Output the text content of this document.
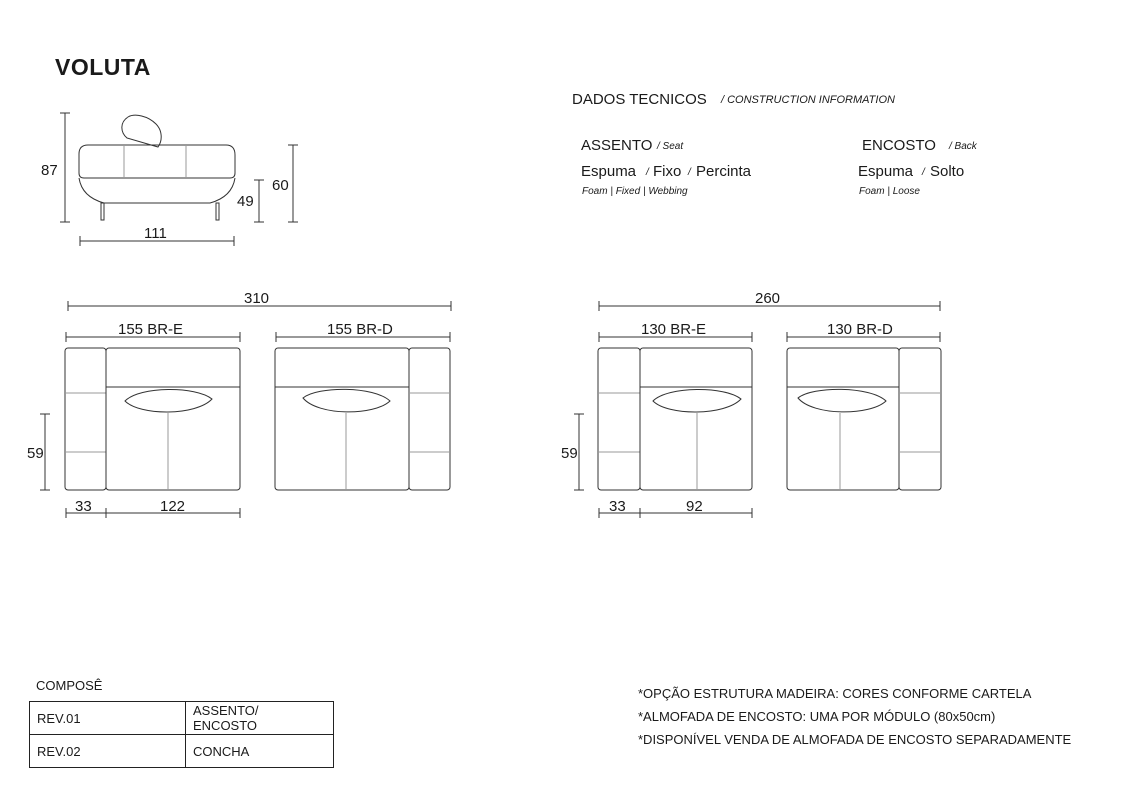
VOLUTA
DADOS TECNICOS / CONSTRUCTION INFORMATION
ASSENTO / Seat
Espuma / Fixo / Percinta
Foam | Fixed | Webbing
ENCOSTO / Back
Espuma / Solto
Foam | Loose
87
60
49
111
310
155 BR-E	155 BR-D
59
33	122
260
130 BR-E	130 BR-D
59
33	92
COMPOSÊ
REV.01	ASSENTO/ ENCOSTO
REV.02	CONCHA
*OPÇÃO ESTRUTURA MADEIRA: CORES CONFORME CARTELA
*ALMOFADA DE ENCOSTO: UMA POR MÓDULO (80x50cm)
*DISPONÍVEL VENDA DE ALMOFADA DE ENCOSTO SEPARADAMENTE
